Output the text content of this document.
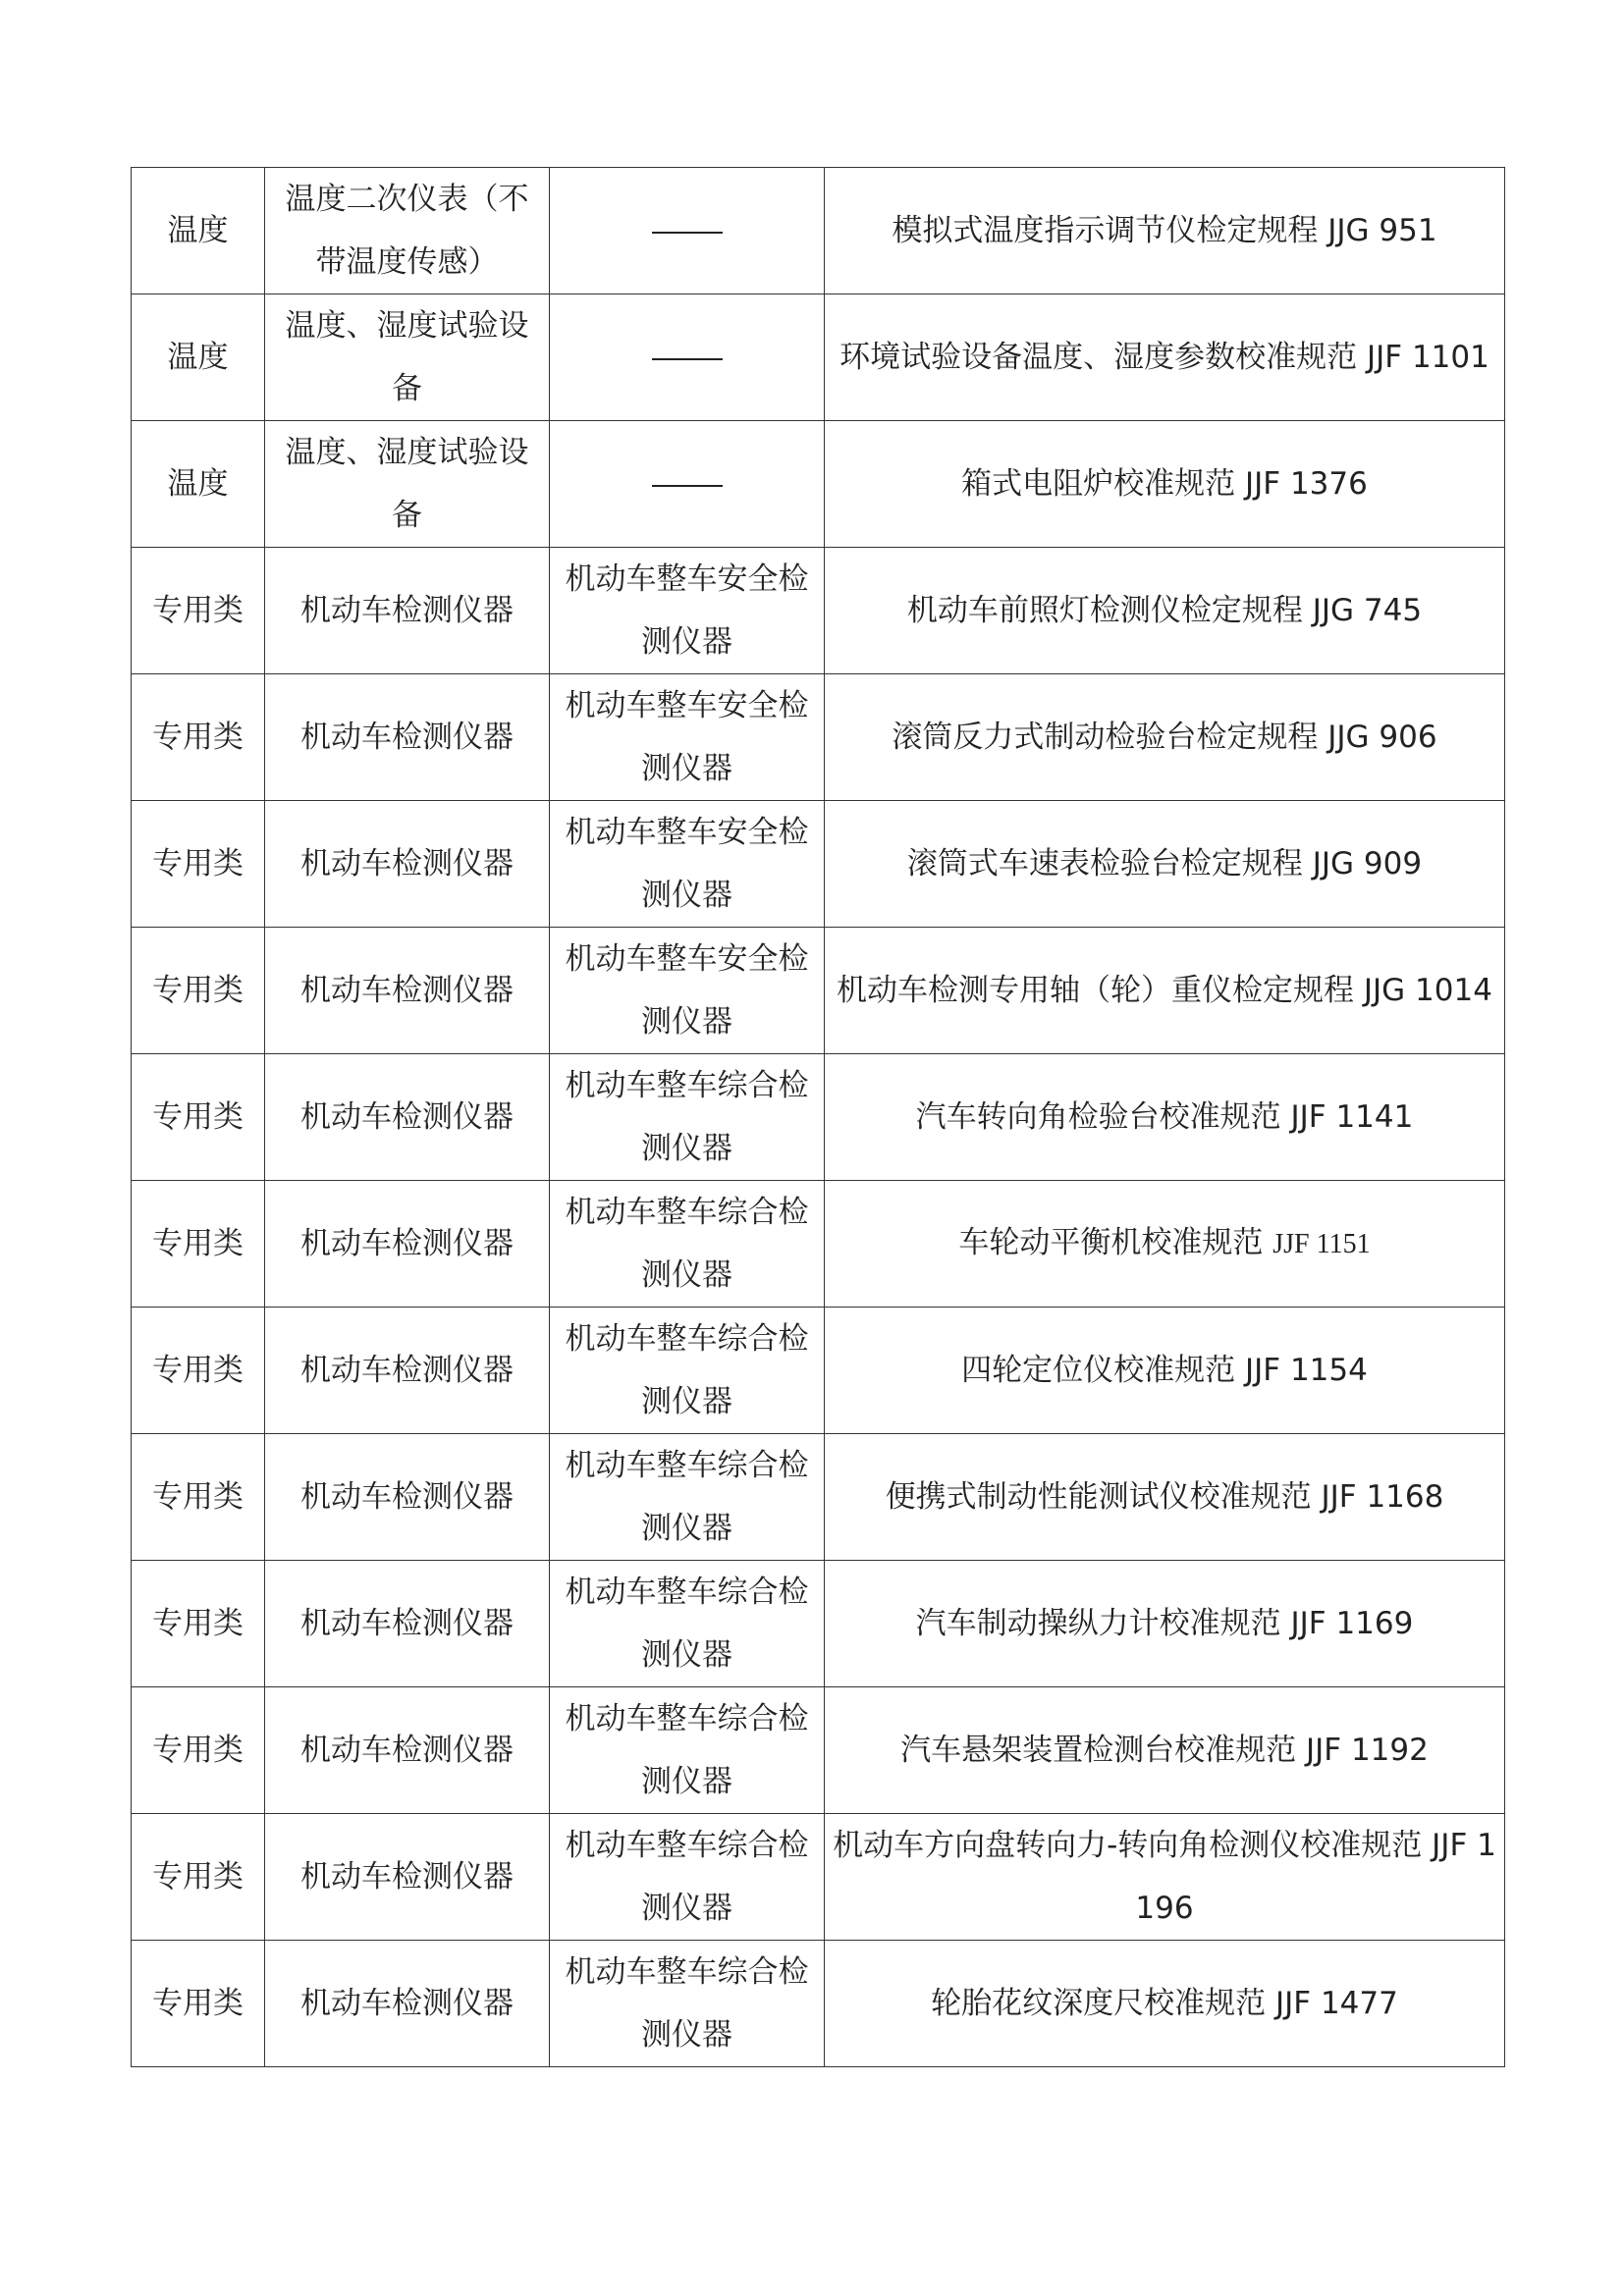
温度	温度二次仪表（不带温度传感）		模拟式温度指示调节仪检定规程 JJG 951
温度	温度、湿度试验设备		环境试验设备温度、湿度参数校准规范 JJF 1101
温度	温度、湿度试验设备		箱式电阻炉校准规范 JJF 1376
专用类	机动车检测仪器	机动车整车安全检测仪器	机动车前照灯检测仪检定规程 JJG 745
专用类	机动车检测仪器	机动车整车安全检测仪器	滚筒反力式制动检验台检定规程 JJG 906
专用类	机动车检测仪器	机动车整车安全检测仪器	滚筒式车速表检验台检定规程 JJG 909
专用类	机动车检测仪器	机动车整车安全检测仪器	机动车检测专用轴（轮）重仪检定规程 JJG 1014
专用类	机动车检测仪器	机动车整车综合检测仪器	汽车转向角检验台校准规范 JJF 1141
专用类	机动车检测仪器	机动车整车综合检测仪器	车轮动平衡机校准规范 JJF 1151
专用类	机动车检测仪器	机动车整车综合检测仪器	四轮定位仪校准规范 JJF 1154
专用类	机动车检测仪器	机动车整车综合检测仪器	便携式制动性能测试仪校准规范 JJF 1168
专用类	机动车检测仪器	机动车整车综合检测仪器	汽车制动操纵力计校准规范 JJF 1169
专用类	机动车检测仪器	机动车整车综合检测仪器	汽车悬架装置检测台校准规范 JJF 1192
专用类	机动车检测仪器	机动车整车综合检测仪器	机动车方向盘转向力-转向角检测仪校准规范 JJF 1196
专用类	机动车检测仪器	机动车整车综合检测仪器	轮胎花纹深度尺校准规范 JJF 1477
